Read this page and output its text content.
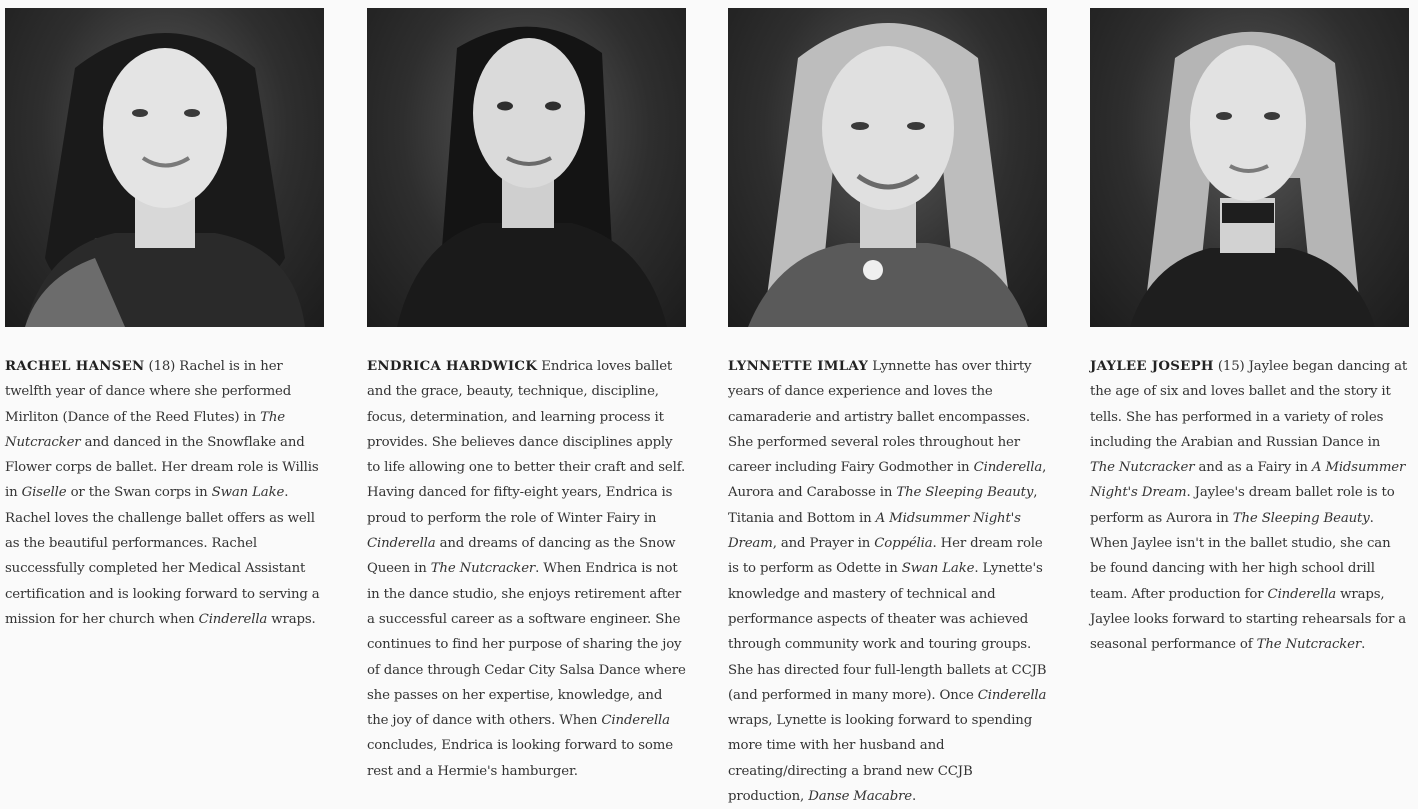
RACHEL HANSEN (18) Rachel is in her twelfth year of dance where she performed Mirliton (Dance of the Reed Flutes) in The Nutcracker and danced in the Snowflake and Flower corps de ballet. Her dream role is Willis in Giselle or the Swan corps in Swan Lake. Rachel loves the challenge ballet offers as well as the beautiful performances. Rachel successfully completed her Medical Assistant certification and is looking forward to serving a mission for her church when Cinderella wraps.
ENDRICA HARDWICK Endrica loves ballet and the grace, beauty, technique, discipline, focus, determination, and learning process it provides. She believes dance disciplines apply to life allowing one to better their craft and self. Having danced for fifty-eight years, Endrica is proud to perform the role of Winter Fairy in Cinderella and dreams of dancing as the Snow Queen in The Nutcracker. When Endrica is not in the dance studio, she enjoys retirement after a successful career as a software engineer. She continues to find her purpose of sharing the joy of dance through Cedar City Salsa Dance where she passes on her expertise, knowledge, and the joy of dance with others. When Cinderella concludes, Endrica is looking forward to some rest and a Hermie's hamburger.
LYNNETTE IMLAY Lynnette has over thirty years of dance experience and loves the camaraderie and artistry ballet encompasses. She performed several roles throughout her career including Fairy Godmother in Cinderella, Aurora and Carabosse in The Sleeping Beauty, Titania and Bottom in A Midsummer Night's Dream, and Prayer in Coppélia. Her dream role is to perform as Odette in Swan Lake. Lynette's knowledge and mastery of technical and performance aspects of theater was achieved through community work and touring groups. She has directed four full-length ballets at CCJB (and performed in many more). Once Cinderella wraps, Lynette is looking forward to spending more time with her husband and creating/directing a brand new CCJB production, Danse Macabre.
JAYLEE JOSEPH (15) Jaylee began dancing at the age of six and loves ballet and the story it tells. She has performed in a variety of roles including the Arabian and Russian Dance in The Nutcracker and as a Fairy in A Midsummer Night's Dream. Jaylee's dream ballet role is to perform as Aurora in The Sleeping Beauty. When Jaylee isn't in the ballet studio, she can be found dancing with her high school drill team. After production for Cinderella wraps, Jaylee looks forward to starting rehearsals for a seasonal performance of The Nutcracker.
